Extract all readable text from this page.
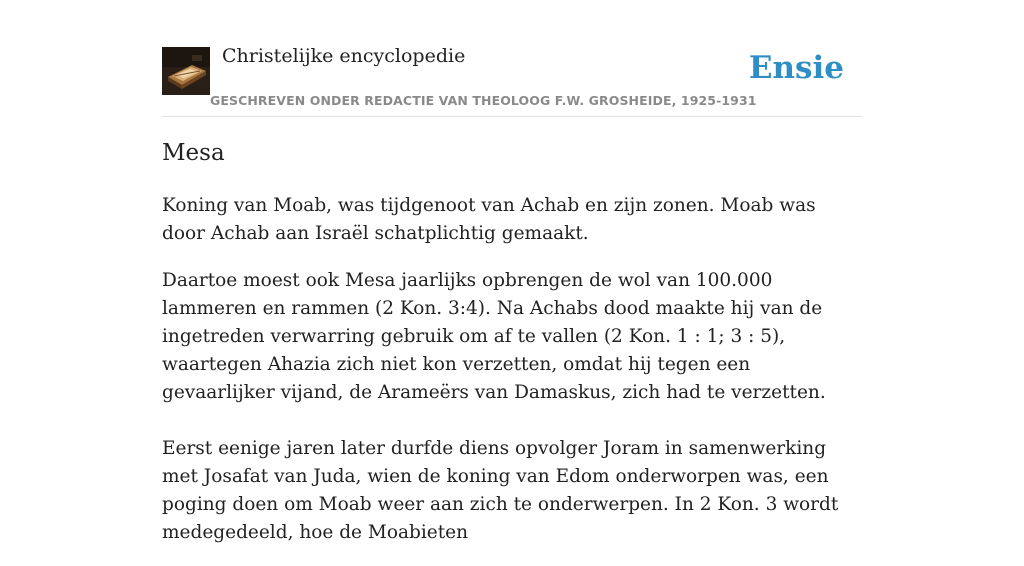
Christelijke encyclopedie
GESCHREVEN ONDER REDACTIE VAN THEOLOOG F.W. GROSHEIDE, 1925-1931
Ensie
Mesa

Koning van Moab, was tijdgenoot van Achab en zijn zonen. Moab was door Achab aan Israël schatplichtig gemaakt.

Daartoe moest ook Mesa jaarlijks opbrengen de wol van 100.000 lammeren en rammen (2 Kon. 3:4). Na Achabs dood maakte hij van de ingetreden verwarring gebruik om af te vallen (2 Kon. 1 : 1; 3 : 5), waartegen Ahazia zich niet kon verzetten, omdat hij tegen een gevaarlijker vijand, de Arameërs van Damaskus, zich had te verzetten.

Eerst eenige jaren later durfde diens opvolger Joram in samenwerking met Josafat van Juda, wien de koning van Edom onderworpen was, een poging doen om Moab weer aan zich te onderwerpen. In 2 Kon. 3 wordt medegedeeld, hoe de Moabieten
